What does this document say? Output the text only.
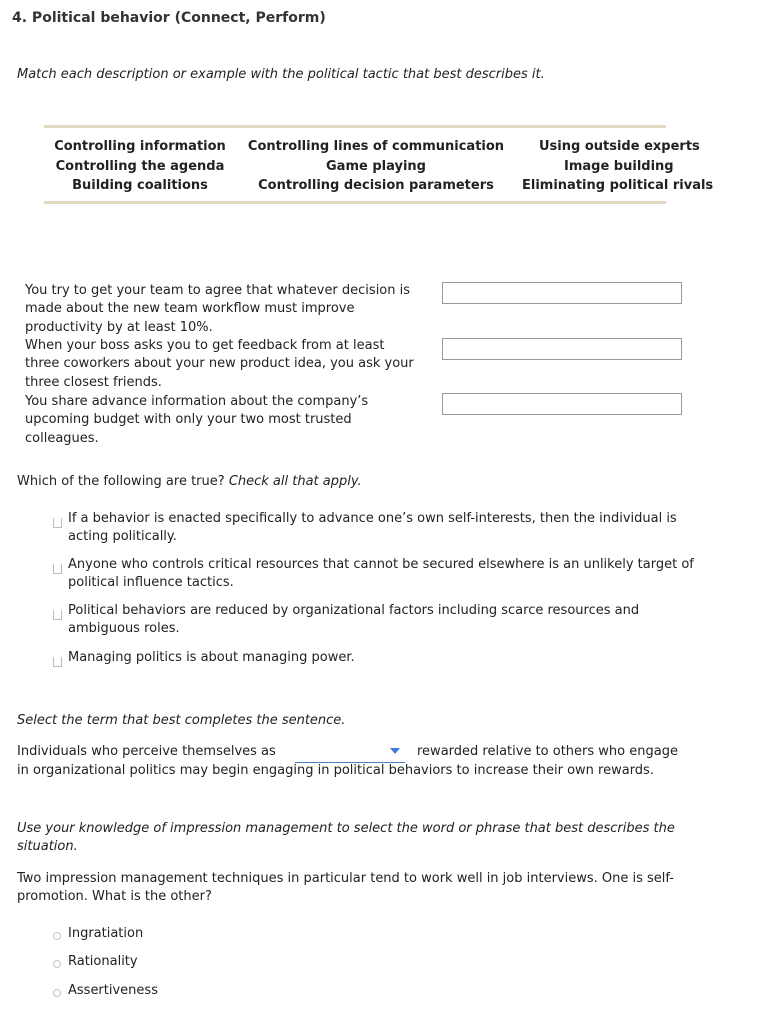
4. Political behavior (Connect, Perform)
Match each description or example with the political tactic that best describes it.
Controlling information
Controlling the agenda
Building coalitions
Controlling lines of communication
Game playing
Controlling decision parameters
Using outside experts
Image building
Eliminating political rivals
You try to get your team to agree that whatever decision is made about the new team workflow must improve productivity by at least 10%.
When your boss asks you to get feedback from at least three coworkers about your new product idea, you ask your three closest friends.
You share advance information about the company’s upcoming budget with only your two most trusted colleagues.
Which of the following are true? Check all that apply.
If a behavior is enacted specifically to advance one’s own self-interests, then the individual is acting politically.
Anyone who controls critical resources that cannot be secured elsewhere is an unlikely target of political influence tactics.
Political behaviors are reduced by organizational factors including scarce resources and ambiguous roles.
Managing politics is about managing power.
Select the term that best completes the sentence.
Individuals who perceive themselves as	rewarded relative to others who engage
in organizational politics may begin engaging in political behaviors to increase their own rewards.
Use your knowledge of impression management to select the word or phrase that best describes the situation.
Two impression management techniques in particular tend to work well in job interviews. One is self-promotion. What is the other?
Ingratiation
Rationality
Assertiveness
